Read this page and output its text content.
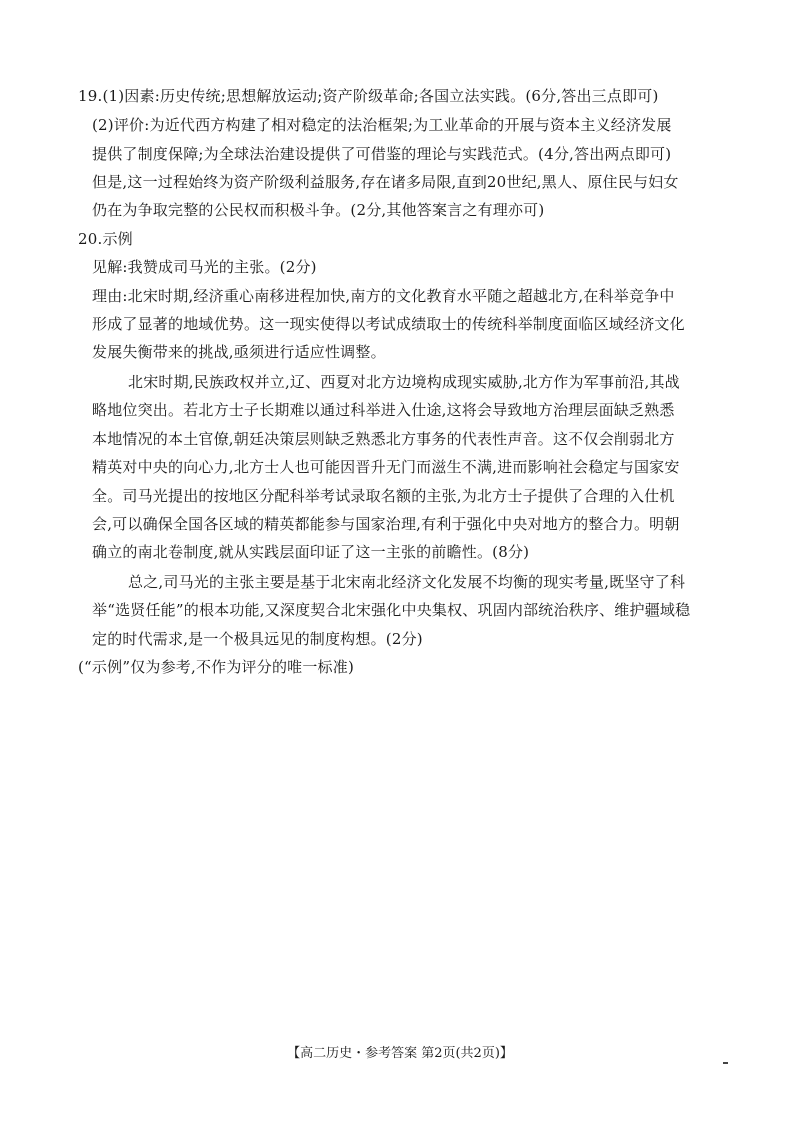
19.(1)因素:历史传统;思想解放运动;资产阶级革命;各国立法实践。(6分,答出三点即可)
(2)评价:为近代西方构建了相对稳定的法治框架;为工业革命的开展与资本主义经济发展
提供了制度保障;为全球法治建设提供了可借鉴的理论与实践范式。(4分,答出两点即可)
但是,这一过程始终为资产阶级利益服务,存在诸多局限,直到20世纪,黑人、原住民与妇女
仍在为争取完整的公民权而积极斗争。(2分,其他答案言之有理亦可)
20.示例
见解:我赞成司马光的主张。(2分)
理由:北宋时期,经济重心南移进程加快,南方的文化教育水平随之超越北方,在科举竞争中
形成了显著的地域优势。这一现实使得以考试成绩取士的传统科举制度面临区域经济文化
发展失衡带来的挑战,亟须进行适应性调整。
北宋时期,民族政权并立,辽、西夏对北方边境构成现实威胁,北方作为军事前沿,其战
略地位突出。若北方士子长期难以通过科举进入仕途,这将会导致地方治理层面缺乏熟悉
本地情况的本土官僚,朝廷决策层则缺乏熟悉北方事务的代表性声音。这不仅会削弱北方
精英对中央的向心力,北方士人也可能因晋升无门而滋生不满,进而影响社会稳定与国家安
全。司马光提出的按地区分配科举考试录取名额的主张,为北方士子提供了合理的入仕机
会,可以确保全国各区域的精英都能参与国家治理,有利于强化中央对地方的整合力。明朝
确立的南北卷制度,就从实践层面印证了这一主张的前瞻性。(8分)
总之,司马光的主张主要是基于北宋南北经济文化发展不均衡的现实考量,既坚守了科
举“选贤任能”的根本功能,又深度契合北宋强化中央集权、巩固内部统治秩序、维护疆域稳
定的时代需求,是一个极具远见的制度构想。(2分)
(“示例”仅为参考,不作为评分的唯一标准)
【高二历史・参考答案 第2页(共2页)】
